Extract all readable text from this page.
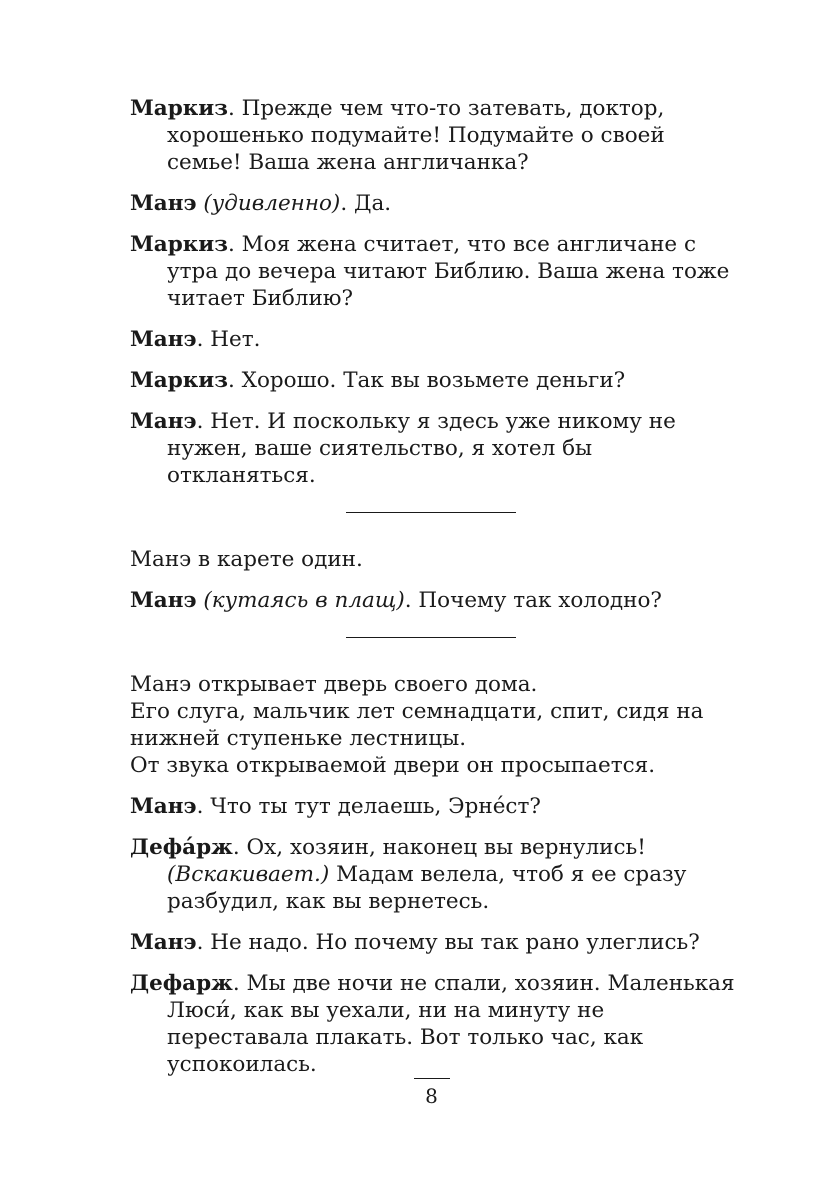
Маркиз. Прежде чем что-то затевать, доктор, хорошенько подумайте! Подумайте о своей семье! Ваша жена англичанка?

Манэ (удивленно). Да.

Маркиз. Моя жена считает, что все англичане с утра до вечера читают Библию. Ваша жена тоже читает Библию?

Манэ. Нет.

Маркиз. Хорошо. Так вы возьмете деньги?

Манэ. Нет. И поскольку я здесь уже никому не нужен, ваше сиятельство, я хотел бы откланяться.

Манэ в карете один.

Манэ (кутаясь в плащ). Почему так холодно?

Манэ открывает дверь своего дома.
Его слуга, мальчик лет семнадцати, спит, сидя на нижней ступеньке лестницы.
От звука открываемой двери он просыпается.

Манэ. Что ты тут делаешь, Эрне́ст?

Дефа́рж. Ох, хозяин, наконец вы вернулись! (Вскакивает.) Мадам велела, чтоб я ее сразу разбудил, как вы вернетесь.

Манэ. Не надо. Но почему вы так рано улеглись?

Дефарж. Мы две ночи не спали, хозяин. Маленькая Люси́, как вы уехали, ни на минуту не переставала плакать. Вот только час, как успокоилась.

8
